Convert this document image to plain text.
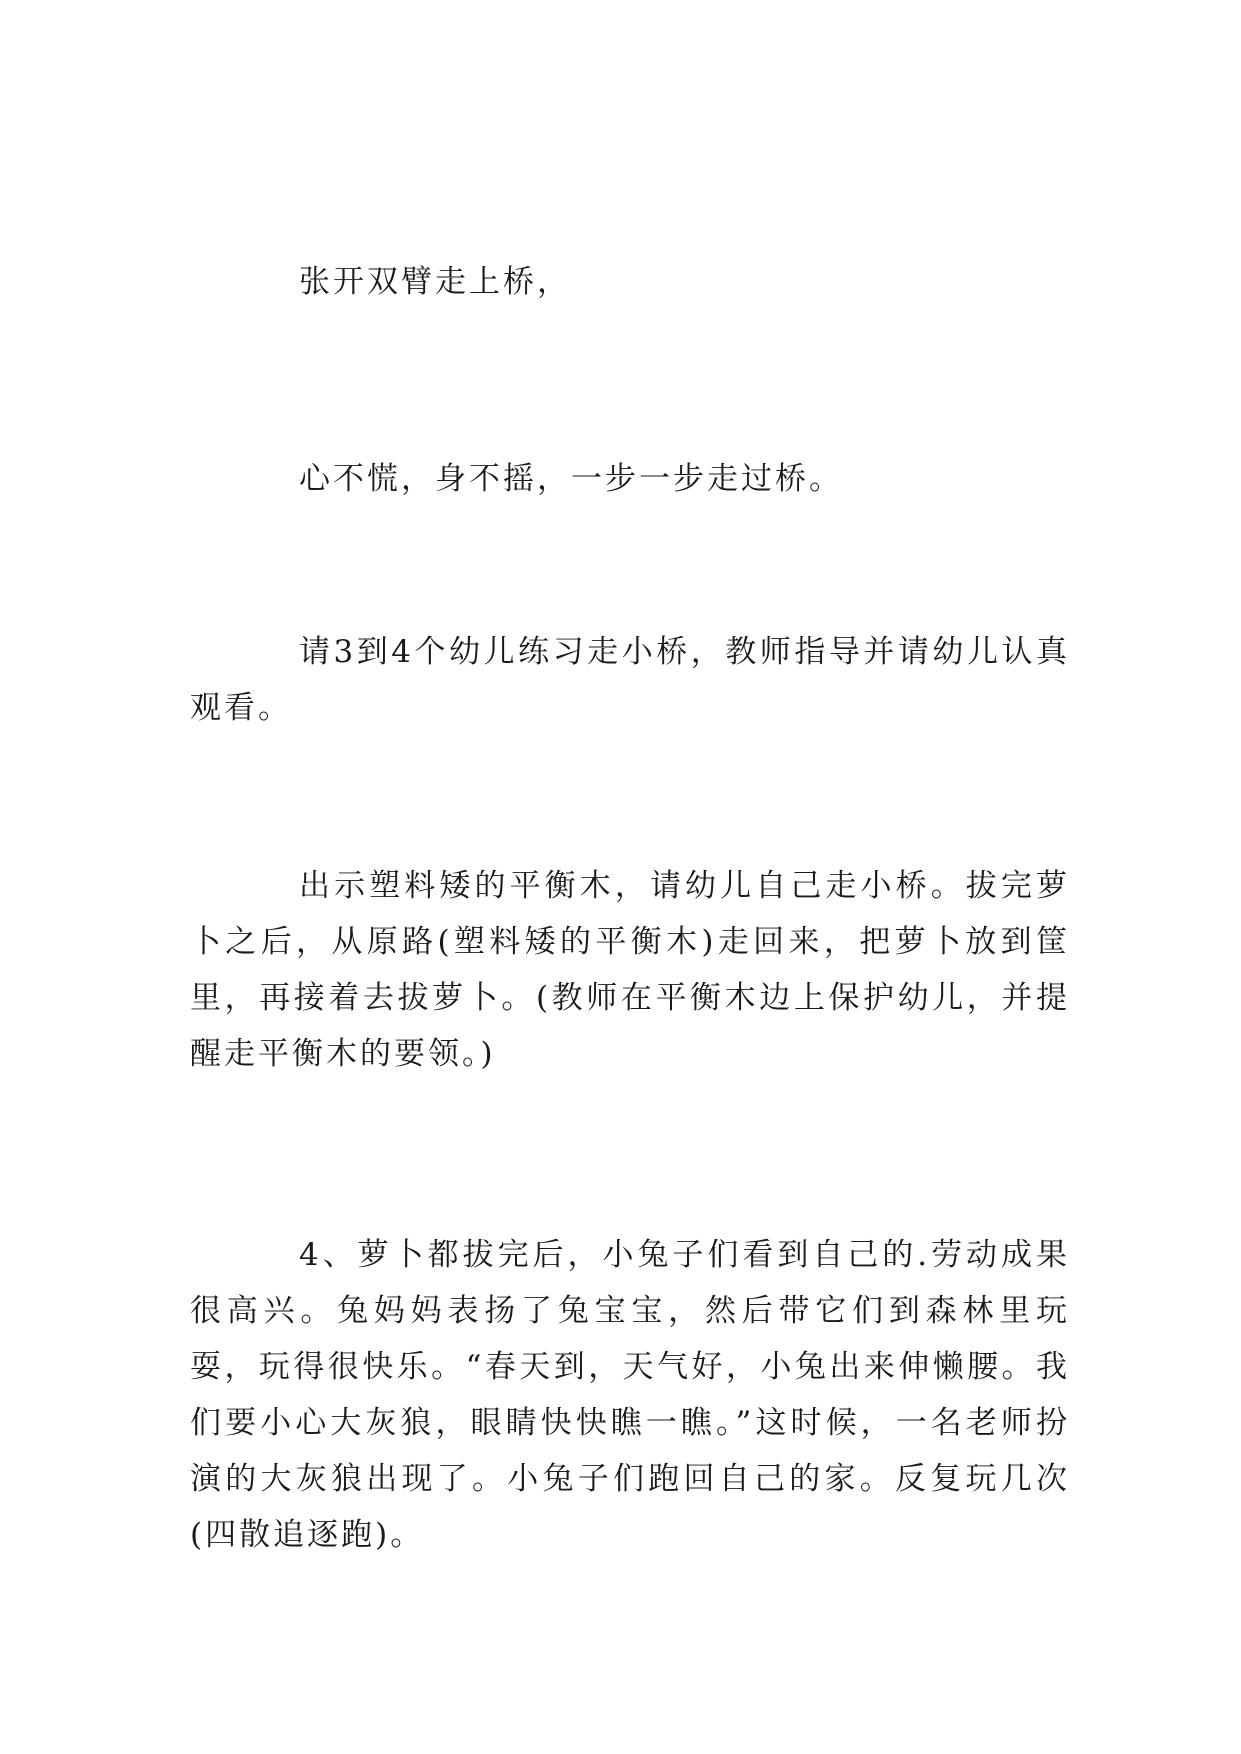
张开双臂走上桥，

心不慌，身不摇，一步一步走过桥。

请3到4个幼儿练习走小桥，教师指导并请幼儿认真观看。

出示塑料矮的平衡木，请幼儿自己走小桥。拔完萝卜之后，从原路(塑料矮的平衡木)走回来，把萝卜放到筐里，再接着去拔萝卜。(教师在平衡木边上保护幼儿，并提醒走平衡木的要领。)

4、萝卜都拔完后，小兔子们看到自己的.劳动成果很高兴。兔妈妈表扬了兔宝宝，然后带它们到森林里玩耍，玩得很快乐。“春天到，天气好，小兔出来伸懒腰。我们要小心大灰狼，眼睛快快瞧一瞧。”这时候，一名老师扮演的大灰狼出现了。小兔子们跑回自己的家。反复玩几次(四散追逐跑)。
